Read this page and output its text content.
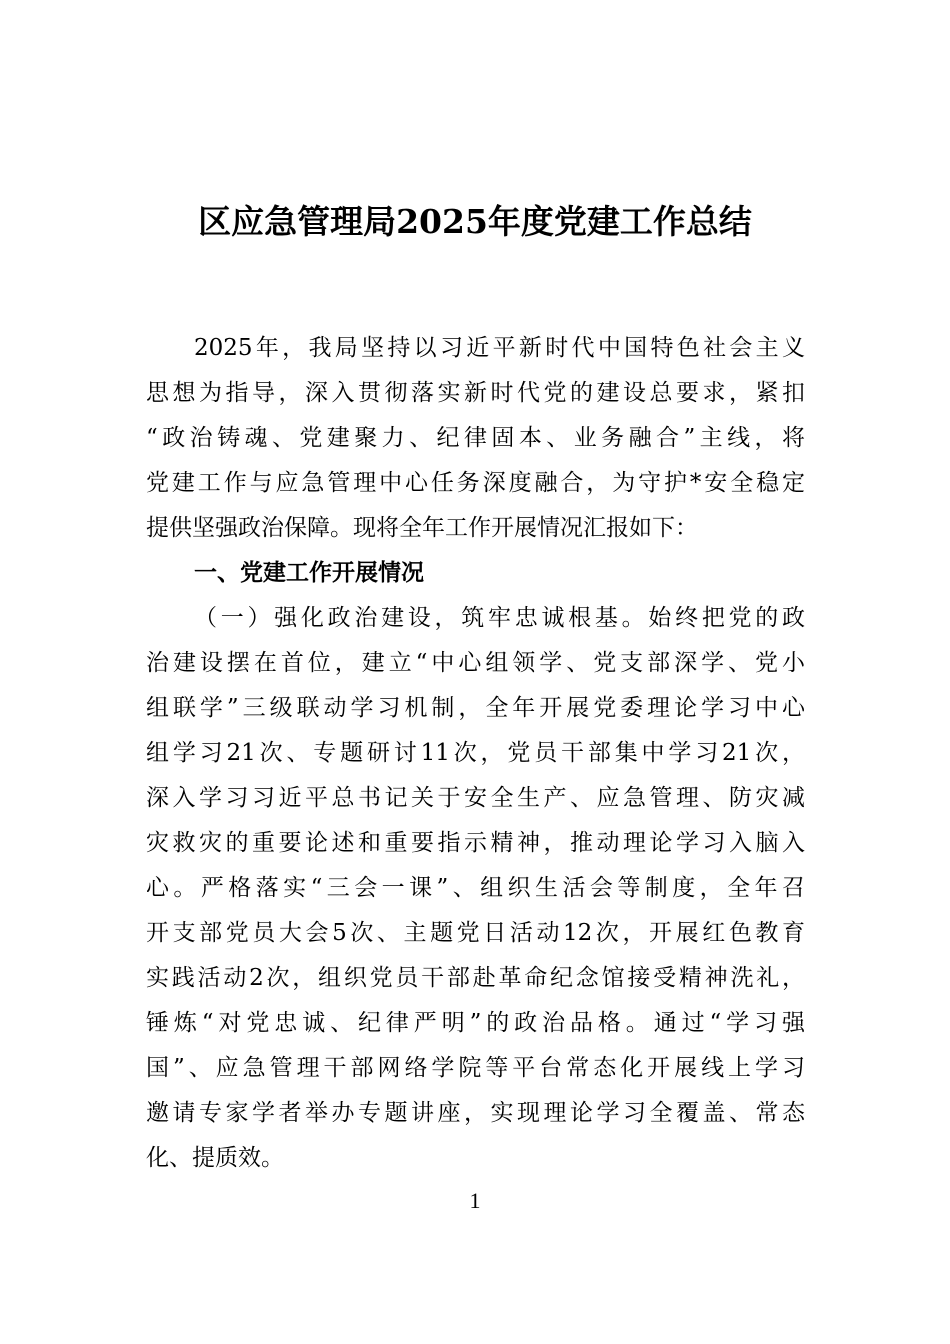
区应急管理局2025年度党建工作总结
2025年，我局坚持以习近平新时代中国特色社会主义
思想为指导，深入贯彻落实新时代党的建设总要求，紧扣
“政治铸魂、党建聚力、纪律固本、业务融合”主线，将
党建工作与应急管理中心任务深度融合，为守护*安全稳定
提供坚强政治保障。现将全年工作开展情况汇报如下：
一、党建工作开展情况
（一）强化政治建设，筑牢忠诚根基。始终把党的政
治建设摆在首位，建立“中心组领学、党支部深学、党小
组联学”三级联动学习机制，全年开展党委理论学习中心
组学习21次、专题研讨11次，党员干部集中学习21次，
深入学习习近平总书记关于安全生产、应急管理、防灾减
灾救灾的重要论述和重要指示精神，推动理论学习入脑入
心。严格落实“三会一课”、组织生活会等制度，全年召
开支部党员大会5次、主题党日活动12次，开展红色教育
实践活动2次，组织党员干部赴革命纪念馆接受精神洗礼，
锤炼“对党忠诚、纪律严明”的政治品格。通过“学习强
国”、应急管理干部网络学院等平台常态化开展线上学习
邀请专家学者举办专题讲座，实现理论学习全覆盖、常态
化、提质效。
1
